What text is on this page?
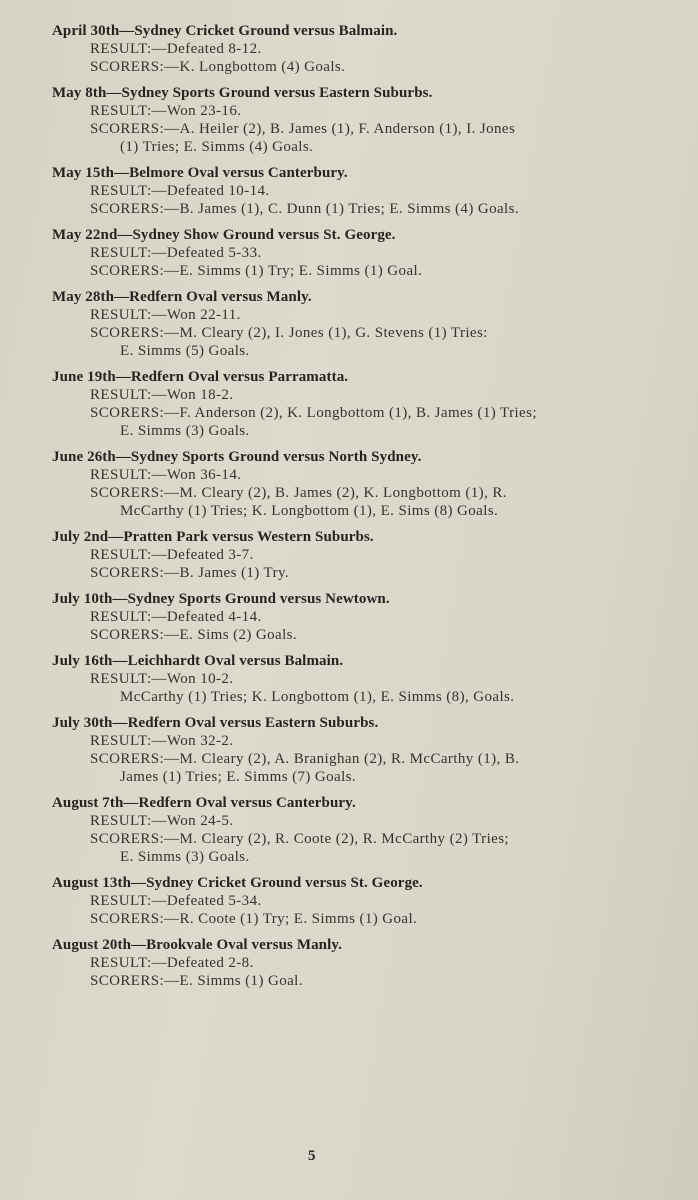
April 30th—Sydney Cricket Ground versus Balmain.
RESULT:—Defeated 8-12.
SCORERS:—K. Longbottom (4) Goals.
May 8th—Sydney Sports Ground versus Eastern Suburbs.
RESULT:—Won 23-16.
SCORERS:—A. Heiler (2), B. James (1), F. Anderson (1), I. Jones
(1) Tries; E. Simms (4) Goals.
May 15th—Belmore Oval versus Canterbury.
RESULT:—Defeated 10-14.
SCORERS:—B. James (1), C. Dunn (1) Tries; E. Simms (4) Goals.
May 22nd—Sydney Show Ground versus St. George.
RESULT:—Defeated 5-33.
SCORERS:—E. Simms (1) Try; E. Simms (1) Goal.
May 28th—Redfern Oval versus Manly.
RESULT:—Won 22-11.
SCORERS:—M. Cleary (2), I. Jones (1), G. Stevens (1) Tries:
E. Simms (5) Goals.
June 19th—Redfern Oval versus Parramatta.
RESULT:—Won 18-2.
SCORERS:—F. Anderson (2), K. Longbottom (1), B. James (1) Tries;
E. Simms (3) Goals.
June 26th—Sydney Sports Ground versus North Sydney.
RESULT:—Won 36-14.
SCORERS:—M. Cleary (2), B. James (2), K. Longbottom (1), R.
McCarthy (1) Tries; K. Longbottom (1), E. Sims (8) Goals.
July 2nd—Pratten Park versus Western Suburbs.
RESULT:—Defeated 3-7.
SCORERS:—B. James (1) Try.
July 10th—Sydney Sports Ground versus Newtown.
RESULT:—Defeated 4-14.
SCORERS:—E. Sims (2) Goals.
July 16th—Leichhardt Oval versus Balmain.
RESULT:—Won 10-2.
McCarthy (1) Tries; K. Longbottom (1), E. Simms (8), Goals.
July 30th—Redfern Oval versus Eastern Suburbs.
RESULT:—Won 32-2.
SCORERS:—M. Cleary (2), A. Branighan (2), R. McCarthy (1), B.
James (1) Tries; E. Simms (7) Goals.
August 7th—Redfern Oval versus Canterbury.
RESULT:—Won 24-5.
SCORERS:—M. Cleary (2), R. Coote (2), R. McCarthy (2) Tries;
E. Simms (3) Goals.
August 13th—Sydney Cricket Ground versus St. George.
RESULT:—Defeated 5-34.
SCORERS:—R. Coote (1) Try; E. Simms (1) Goal.
August 20th—Brookvale Oval versus Manly.
RESULT:—Defeated 2-8.
SCORERS:—E. Simms (1) Goal.
5
